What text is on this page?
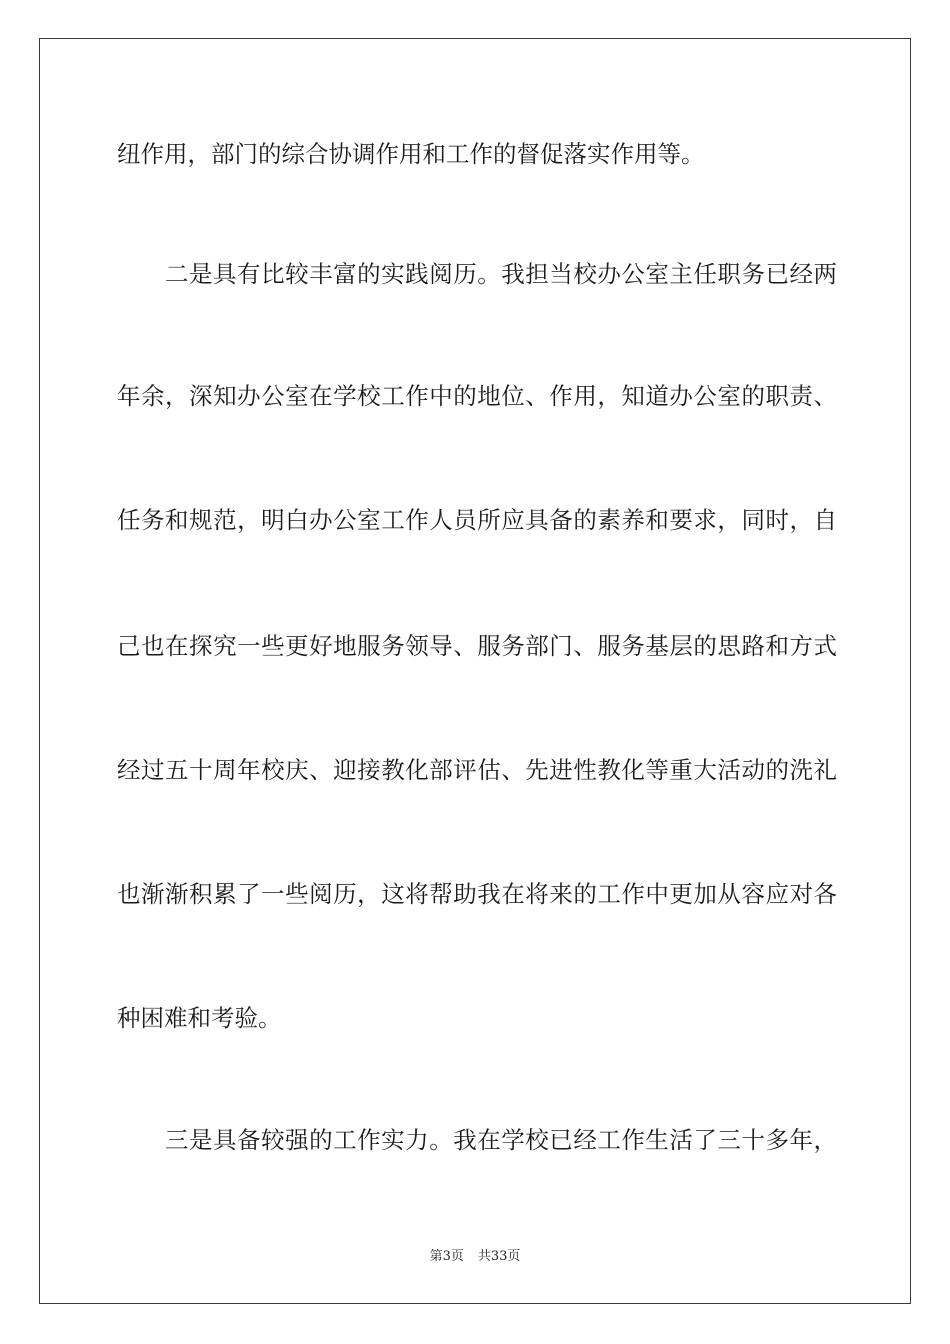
纽作用，部门的综合协调作用和工作的督促落实作用等。
二是具有比较丰富的实践阅历。我担当校办公室主任职务已经两
年余，深知办公室在学校工作中的地位、作用，知道办公室的职责、
任务和规范，明白办公室工作人员所应具备的素养和要求，同时，自
己也在探究一些更好地服务领导、服务部门、服务基层的思路和方式
经过五十周年校庆、迎接教化部评估、先进性教化等重大活动的洗礼
也渐渐积累了一些阅历，这将帮助我在将来的工作中更加从容应对各
种困难和考验。
三是具备较强的工作实力。我在学校已经工作生活了三十多年，
第3页 共33页
